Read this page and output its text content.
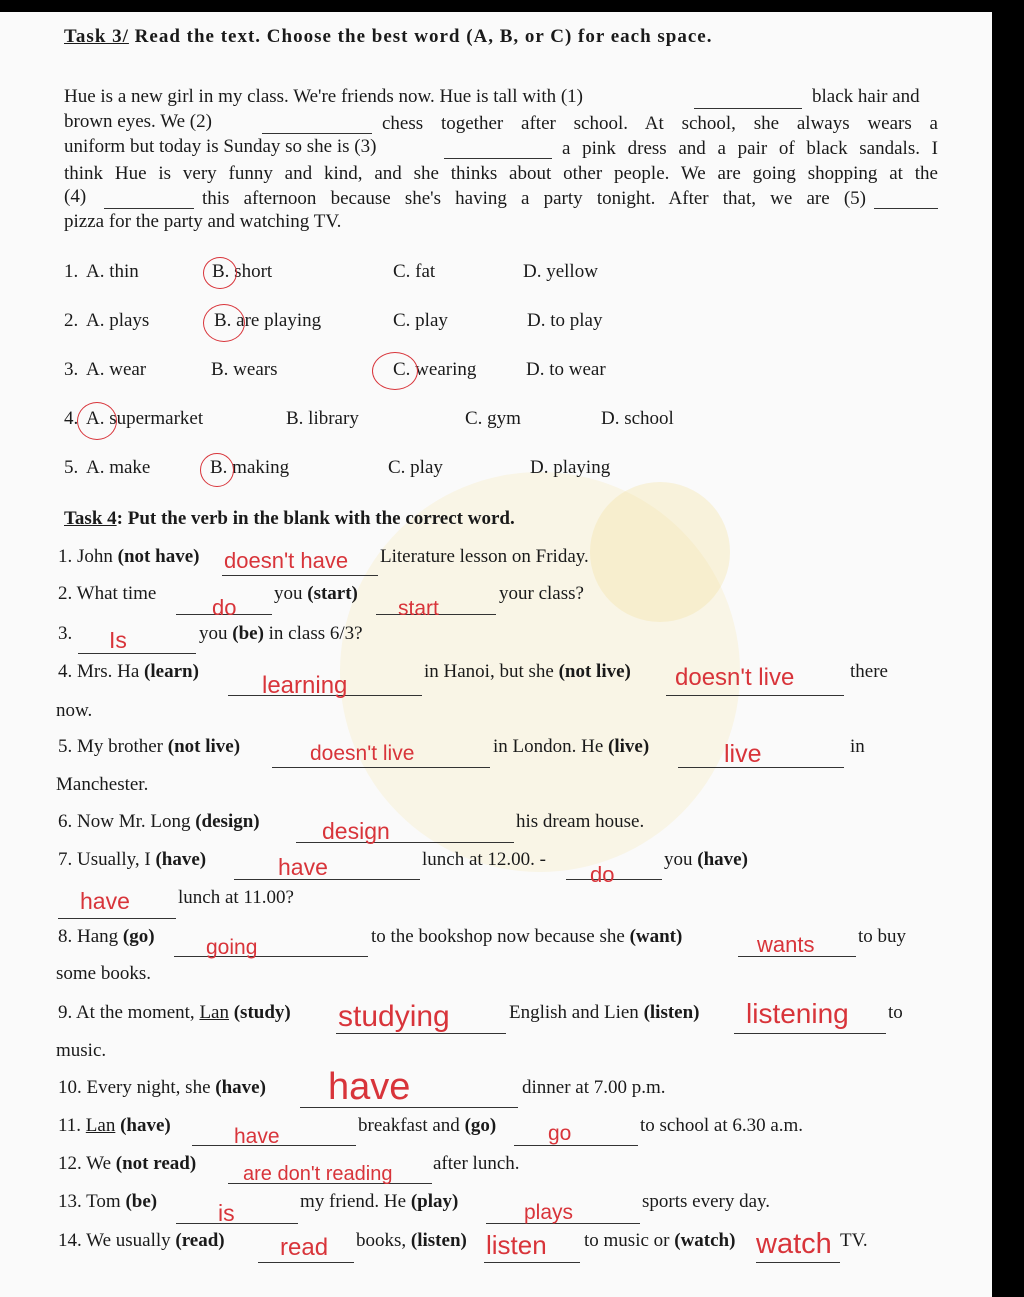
Task 3/ Read the text. Choose the best word (A, B, or C) for each space.
Hue is a new girl in my class. We're friends now. Hue is tall with (1)	black hair and
brown eyes. We (2)	chess together after school. At school, she always wears a
uniform but today is Sunday so she is (3)	a pink dress and a pair of black sandals. I
think Hue is very funny and kind, and she thinks about other people. We are going shopping at the
(4)	this afternoon because she's having a party tonight. After that, we are (5)
pizza for the party and watching TV.
1. A. thin	B. short	C. fat	D. yellow
2. A. plays	B. are playing	C. play	D. to play
3. A. wear	B. wears	C. wearing	D. to wear
4. A. supermarket	B. library	C. gym	D. school
5. A. make	B. making	C. play	D. playing
Task 4: Put the verb in the blank with the correct word.
1. John (not have) doesn't have Literature lesson on Friday.
2. What time
do
you (start)
start
your class?
3. Is	you (be) in class 6/3?
4. Mrs. Ha (learn)
learning
in Hanoi, but she (not live) doesn't live	there
now.
5. My brother (not live)	doesn't live	in London. He (live)	live	in
Manchester.
6. Now Mr. Long (design)	design	his dream house.
7. Usually, I (have)	have	lunch at 12.00. -
do
you (have)
have	lunch at 11.00?
8. Hang (go) going	to the bookshop now because she (want)	wants to buy
some books.
9. At the moment, Lan (study) studying	English and Lien (listen) listening to
music.
10. Every night, she (have) have	dinner at 7.00 p.m.
11. Lan (have)	have	breakfast and (go) go	to school at 6.30 a.m.
12. We (not read) are don't reading after lunch.
13. Tom (be)	is	my friend. He (play)	plays	sports every day.
14. We usually (read) read books, (listen) listen to music or (watch) watch TV.
